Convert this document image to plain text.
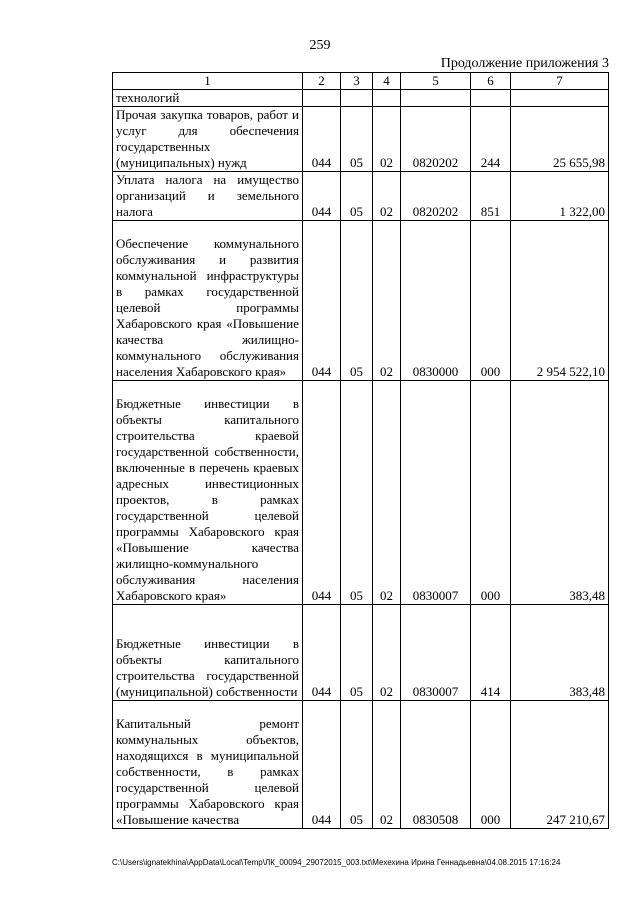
259
Продолжение приложения 3
1	2	3	4	5	6	7
технологий						
Прочая закупка товаров, работ и услуг для обеспечения государственных (муниципальных) нужд	044	05	02	0820202	244	25 655,98
Уплата налога на имущество организаций и земельного налога	044	05	02	0820202	851	1 322,00
Обеспечение коммунального обслуживания и развития коммунальной инфраструктуры в рамках государственной целевой программы Хабаровского края «Повышение качества жилищно-коммунального обслуживания населения Хабаровского края»	044	05	02	0830000	000	2 954 522,10
Бюджетные инвестиции в объекты капитального строительства краевой государственной собственности, включенные в перечень краевых адресных инвестиционных проектов, в рамках государственной целевой программы Хабаровского края «Повышение качества жилищно-коммунального обслуживания населения Хабаровского края»	044	05	02	0830007	000	383,48
Бюджетные инвестиции в объекты капитального строительства государственной (муниципальной) собственности	044	05	02	0830007	414	383,48
Капитальный ремонт коммунальных объектов, находящихся в муниципальной собственности, в рамках государственной целевой программы Хабаровского края «Повышение качества	044	05	02	0830508	000	247 210,67
C:\Users\ignatekhina\AppData\Local\Temp\ЛК_00094_29072015_003.txt\Мехехина Ирина Геннадьевна\04.08.2015 17:16:24
